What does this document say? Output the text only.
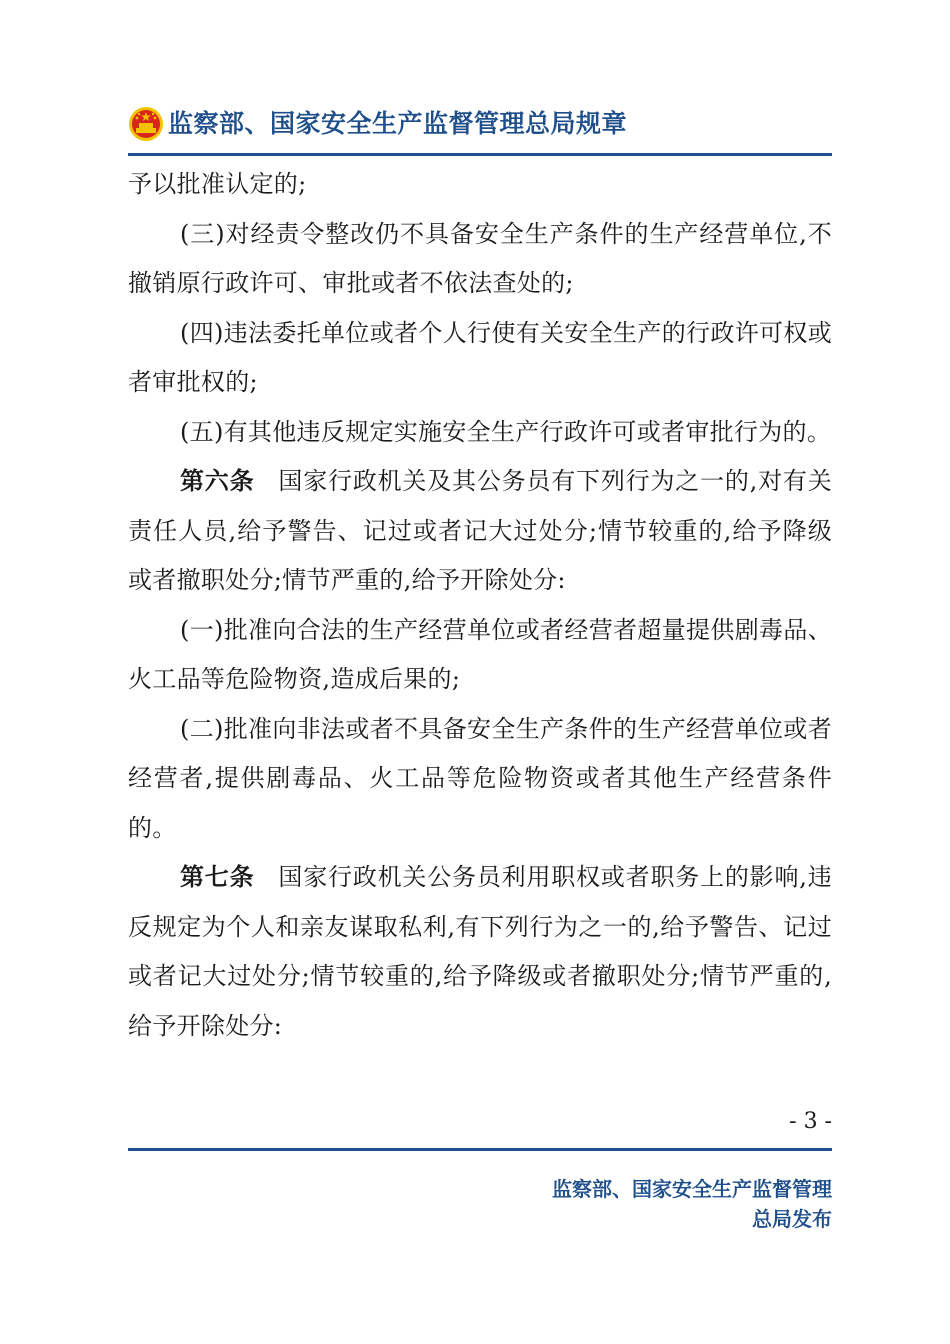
监察部、国家安全生产监督管理总局规章

予以批准认定的;

(三)对经责令整改仍不具备安全生产条件的生产经营单位,不撤销原行政许可、审批或者不依法查处的;

(四)违法委托单位或者个人行使有关安全生产的行政许可权或者审批权的;

(五)有其他违反规定实施安全生产行政许可或者审批行为的。

第六条 国家行政机关及其公务员有下列行为之一的,对有关责任人员,给予警告、记过或者记大过处分;情节较重的,给予降级或者撤职处分;情节严重的,给予开除处分:

(一)批准向合法的生产经营单位或者经营者超量提供剧毒品、火工品等危险物资,造成后果的;

(二)批准向非法或者不具备安全生产条件的生产经营单位或者经营者,提供剧毒品、火工品等危险物资或者其他生产经营条件的。

第七条 国家行政机关公务员利用职权或者职务上的影响,违反规定为个人和亲友谋取私利,有下列行为之一的,给予警告、记过或者记大过处分;情节较重的,给予降级或者撤职处分;情节严重的,给予开除处分:

- 3 -
监察部、国家安全生产监督管理
总局发布
